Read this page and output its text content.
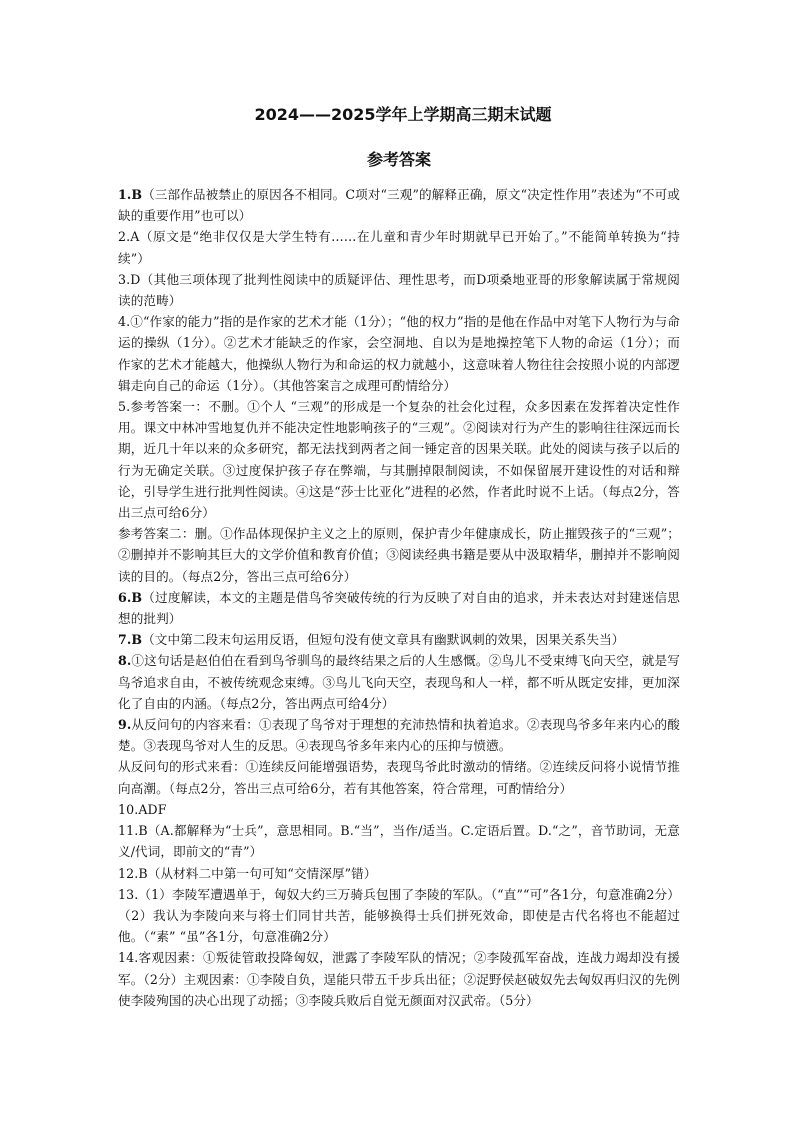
2024——2025学年上学期高三期末试题
参考答案

1.B（三部作品被禁止的原因各不相同。C项对“三观”的解释正确，原文“决定性作用”表述为“不可或缺的重要作用”也可以）

2.A（原文是“绝非仅仅是大学生特有……在儿童和青少年时期就早已开始了。”不能简单转换为“持续”）

3.D（其他三项体现了批判性阅读中的质疑评估、理性思考，而D项桑地亚哥的形象解读属于常规阅读的范畴）

4.①“作家的能力”指的是作家的艺术才能（1分）；“他的权力”指的是他在作品中对笔下人物行为与命运的操纵（1分）。②艺术才能缺乏的作家，会空洞地、自以为是地操控笔下人物的命运（1分）；而作家的艺术才能越大，他操纵人物行为和命运的权力就越小，这意味着人物往往会按照小说的内部逻辑走向自己的命运（1分）。（其他答案言之成理可酌情给分）

5.参考答案一：不删。①个人 “三观”的形成是一个复杂的社会化过程，众多因素在发挥着决定性作用。课文中林冲雪地复仇并不能决定性地影响孩子的“三观”。②阅读对行为产生的影响往往深远而长期，近几十年以来的众多研究，都无法找到两者之间一锤定音的因果关联。此处的阅读与孩子以后的行为无确定关联。③过度保护孩子存在弊端，与其删掉限制阅读，不如保留展开建设性的对话和辩论，引导学生进行批判性阅读。④这是“莎士比亚化”进程的必然，作者此时说不上话。（每点2分，答出三点可给6分）

参考答案二：删。①作品体现保护主义之上的原则，保护青少年健康成长，防止摧毁孩子的“三观”；②删掉并不影响其巨大的文学价值和教育价值；③阅读经典书籍是要从中汲取精华，删掉并不影响阅读的目的。（每点2分，答出三点可给6分）

6.B（过度解读，本文的主题是借鸟爷突破传统的行为反映了对自由的追求，并未表达对封建迷信思想的批判）

7.B（文中第二段末句运用反语，但短句没有使文章具有幽默讽刺的效果，因果关系失当）

8.①这句话是赵伯伯在看到鸟爷驯鸟的最终结果之后的人生感慨。②鸟儿不受束缚飞向天空，就是写鸟爷追求自由，不被传统观念束缚。③鸟儿飞向天空，表现鸟和人一样，都不听从既定安排，更加深化了自由的内涵。（每点2分，答出两点可给4分）

9.从反问句的内容来看：①表现了鸟爷对于理想的充沛热情和执着追求。②表现鸟爷多年来内心的酸楚。③表现鸟爷对人生的反思。④表现鸟爷多年来内心的压抑与愤懑。

从反问句的形式来看：①连续反问能增强语势，表现鸟爷此时激动的情绪。②连续反问将小说情节推向高潮。（每点2分，答出三点可给6分，若有其他答案，符合常理，可酌情给分）

10.ADF

11.B（A.都解释为“士兵”，意思相同。B.“当”，当作/适当。C.定语后置。D.“之”，音节助词，无意义/代词，即前文的“青”）

12.B（从材料二中第一句可知“交情深厚”错）

13.（1）李陵军遭遇单于，匈奴大约三万骑兵包围了李陵的军队。（“直”“可”各1分，句意准确2分） （2）我认为李陵向来与将士们同甘共苦，能够换得士兵们拼死效命，即使是古代名将也不能超过他。（“素” “虽”各1分，句意准确2分）

14.客观因素：①叛徒管敢投降匈奴，泄露了李陵军队的情况；②李陵孤军奋战，连战力竭却没有援军。（2分）主观因素：①李陵自负，逞能只带五千步兵出征；②浞野侯赵破奴先去匈奴再归汉的先例使李陵殉国的决心出现了动摇；③李陵兵败后自觉无颜面对汉武帝。（5分）
